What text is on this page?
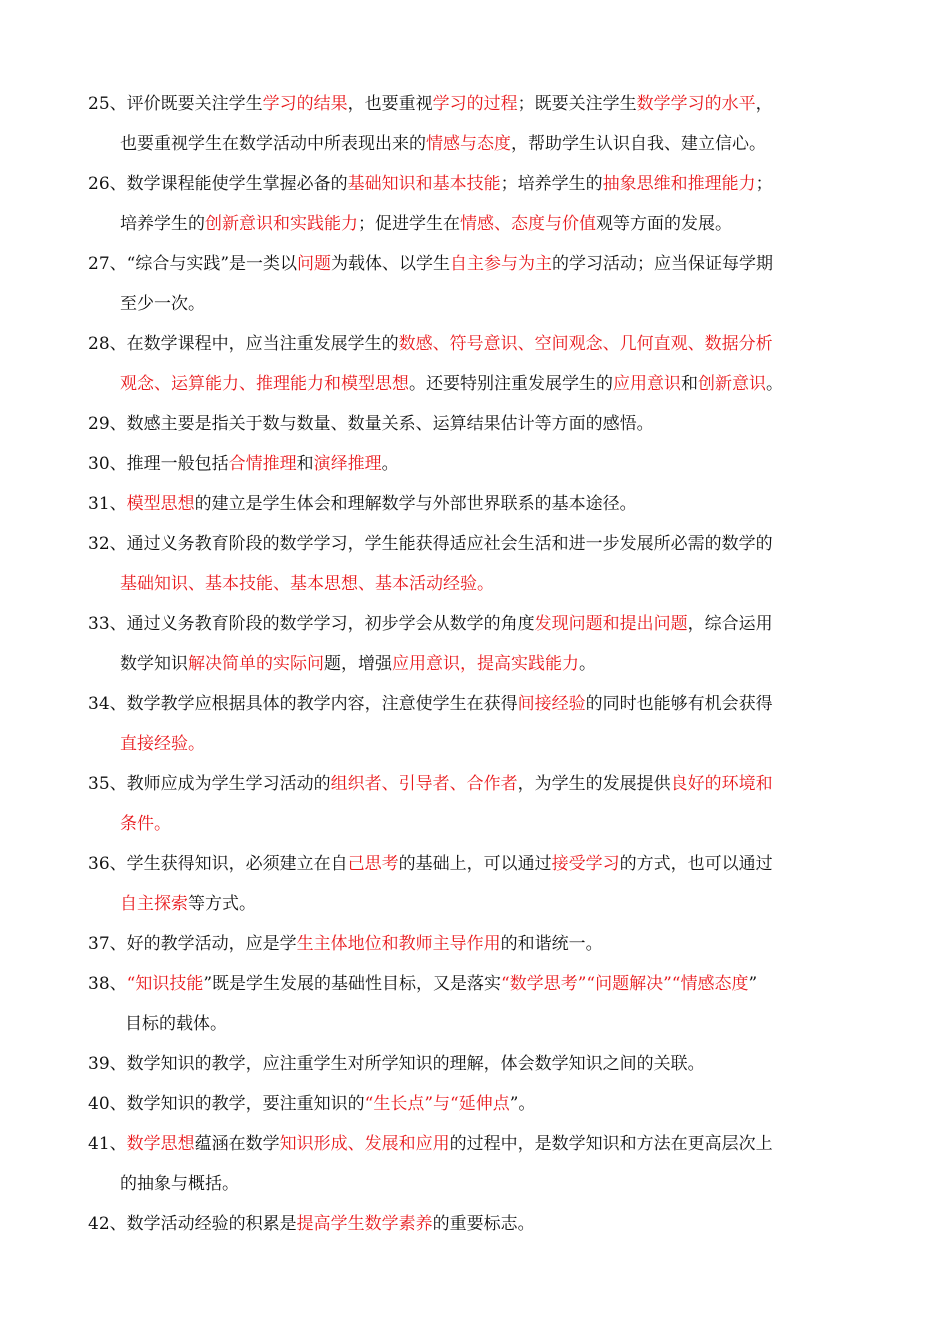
25、评价既要关注学生学习的结果，也要重视学习的过程；既要关注学生数学学习的水平，
也要重视学生在数学活动中所表现出来的情感与态度，帮助学生认识自我、建立信心。
26、数学课程能使学生掌握必备的基础知识和基本技能；培养学生的抽象思维和推理能力；
培养学生的创新意识和实践能力；促进学生在情感、态度与价值观等方面的发展。
27、“综合与实践”是一类以问题为载体、以学生自主参与为主的学习活动；应当保证每学期
至少一次。
28、在数学课程中，应当注重发展学生的数感、符号意识、空间观念、几何直观、数据分析
观念、运算能力、推理能力和模型思想。还要特别注重发展学生的应用意识和创新意识。
29、数感主要是指关于数与数量、数量关系、运算结果估计等方面的感悟。
30、推理一般包括合情推理和演绎推理。
31、模型思想的建立是学生体会和理解数学与外部世界联系的基本途径。
32、通过义务教育阶段的数学学习，学生能获得适应社会生活和进一步发展所必需的数学的
基础知识、基本技能、基本思想、基本活动经验。
33、通过义务教育阶段的数学学习，初步学会从数学的角度发现问题和提出问题，综合运用
数学知识解决简单的实际问题，增强应用意识，提高实践能力。
34、数学教学应根据具体的教学内容，注意使学生在获得间接经验的同时也能够有机会获得
直接经验。
35、教师应成为学生学习活动的组织者、引导者、合作者，为学生的发展提供良好的环境和
条件。
36、学生获得知识，必须建立在自己思考的基础上，可以通过接受学习的方式，也可以通过
自主探索等方式。
37、好的教学活动，应是学生主体地位和教师主导作用的和谐统一。
38、“知识技能”既是学生发展的基础性目标，又是落实“数学思考”“问题解决”“情感态度”
目标的载体。
39、数学知识的教学，应注重学生对所学知识的理解，体会数学知识之间的关联。
40、数学知识的教学，要注重知识的“生长点”与“延伸点”。
41、数学思想蕴涵在数学知识形成、发展和应用的过程中，是数学知识和方法在更高层次上
的抽象与概括。
42、数学活动经验的积累是提高学生数学素养的重要标志。
